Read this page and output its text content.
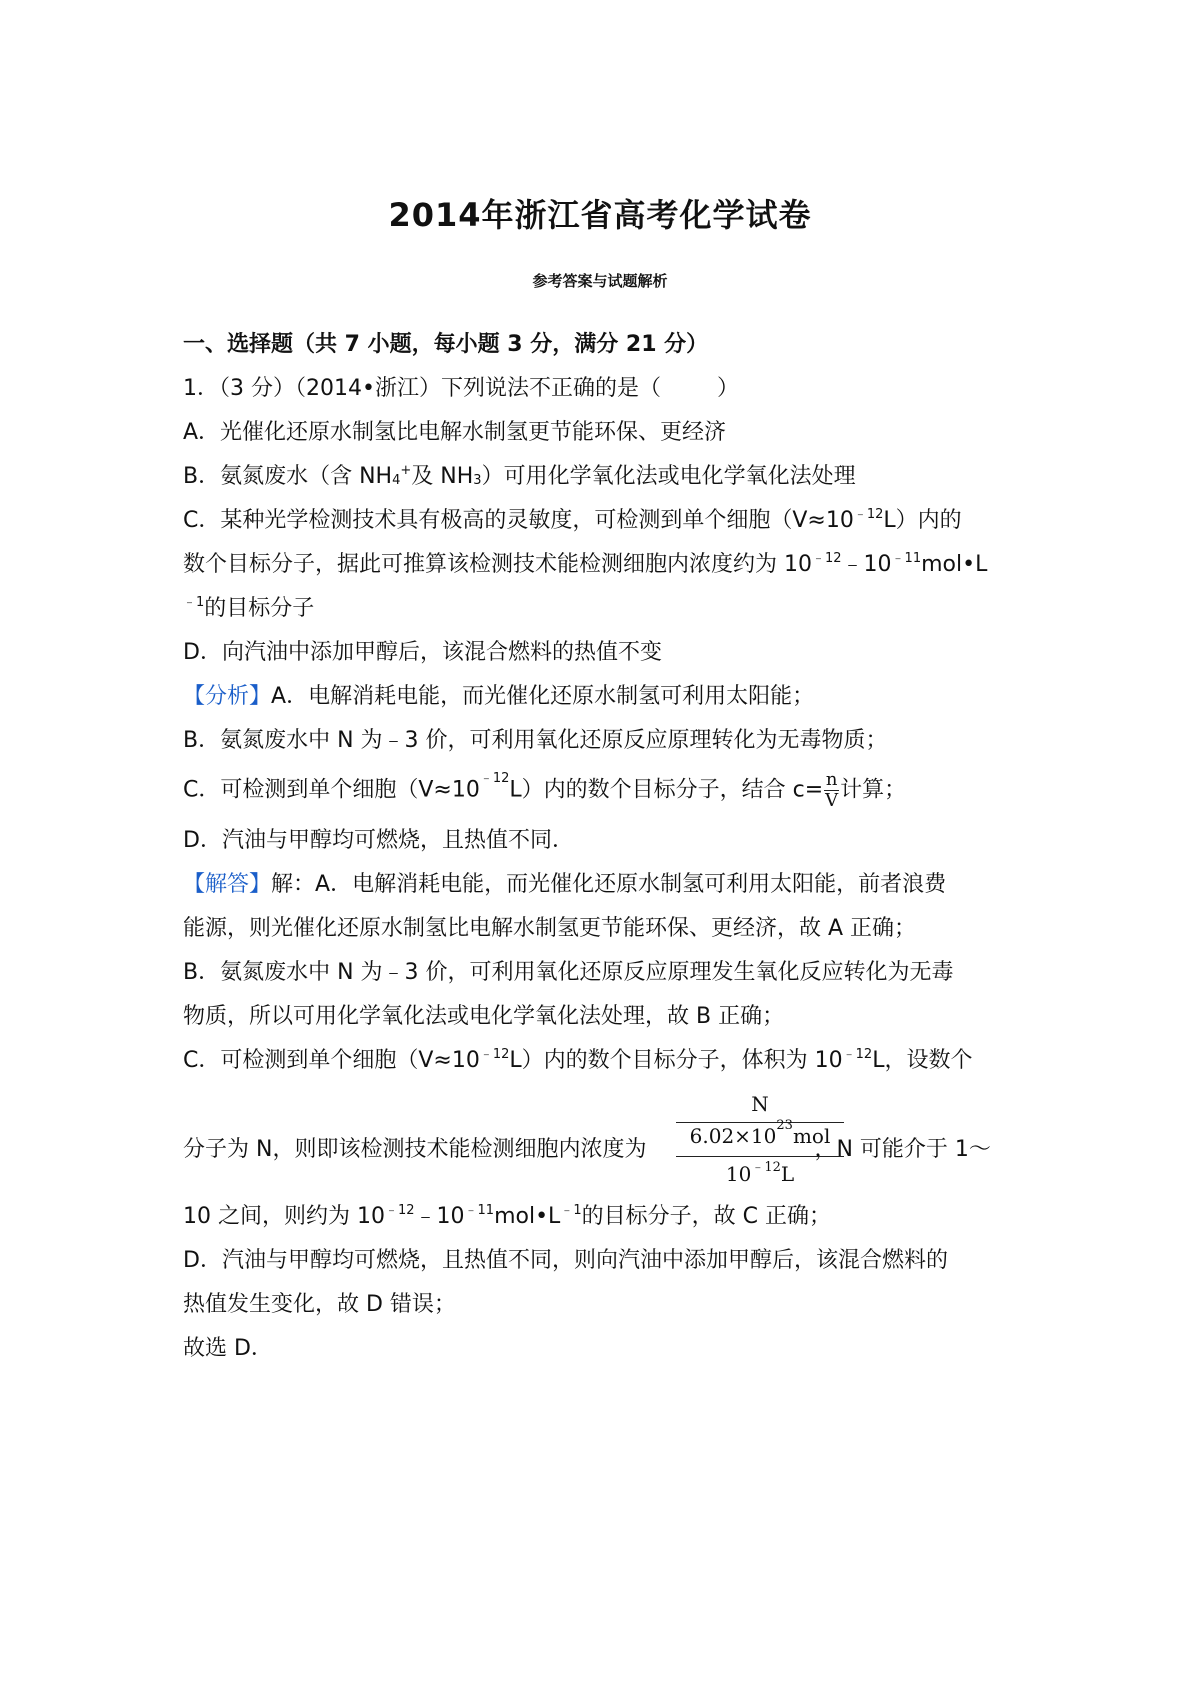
2014年浙江省高考化学试卷
参考答案与试题解析
一、选择题（共 7 小题，每小题 3 分，满分 21 分）
1．（3 分）（2014•浙江）下列说法不正确的是（	）
A．光催化还原水制氢比电解水制氢更节能环保、更经济
B．氨氮废水（含 $NH_4^+$及 $NH_3$）可用化学氧化法或电化学氧化法处理
C．某种光学检测技术具有极高的灵敏度，可检测到单个细胞$(V\approx 10^{﹣12}L)$内的
数个目标分子，据此可推算该检测技术能检测细胞内浓度约为 $10^{﹣12}﹣10^{﹣11}mol•L$
$^{﹣1}$的目标分子
D．向汽油中添加甲醇后，该混合燃料的热值不变
【分析】A．电解消耗电能，而光催化还原水制氢可利用太阳能；
B．氨氮废水中 N 为﹣3 价，可利用氧化还原反应原理转化为无毒物质；
C．可检测到单个细胞$(V\approx 10^{﹣12}L)$内的数个目标分子，结合 $c= \frac{n}{V}$ 计算；
D．汽油与甲醇均可燃烧，且热值不同．
【解答】解：A．电解消耗电能，而光催化还原水制氢可利用太阳能，前者浪费
能源，则光催化还原水制氢比电解水制氢更节能环保、更经济，故 A 正确；
B．氨氮废水中 N 为﹣3 价，可利用氧化还原反应原理发生氧化反应转化为无毒
物质，所以可用化学氧化法或电化学氧化法处理，故 B 正确；
C．可检测到单个细胞$(V\approx 10^{﹣12}L)$内的数个目标分子，体积为 $10^{﹣12}L$，设数个
分子为 N，则即该检测技术能检测细胞内浓度为	，N 可能介于 1～
N
$6.02\times 10^{23}mol$
$10^{﹣12}L$
10 之间，则约为 $10^{﹣12}﹣10^{﹣11}mol•L^{﹣1}$的目标分子，故 C 正确；
D．汽油与甲醇均可燃烧，且热值不同，则向汽油中添加甲醇后，该混合燃料的
热值发生变化，故 D 错误；
故选 D．
